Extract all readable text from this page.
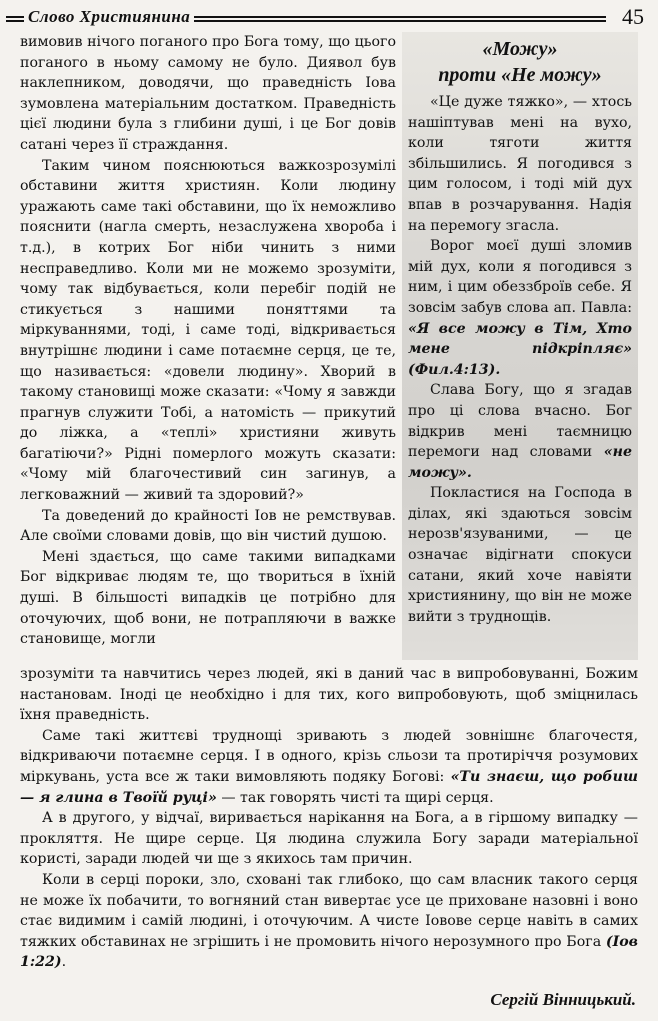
Слово Християнина	45

вимовив нічого поганого про Бога тому, що цього поганого в ньому самому не було. Диявол був наклепником, доводячи, що праведність Іова зумовлена матеріальним достатком. Праведність цієї людини була з глибини душі, і це Бог довів сатані через її страждання.

Таким чином пояснюються важкозрозумілі обставини життя християн. Коли людину уражають саме такі обставини, що їх неможливо пояснити (нагла смерть, незаслужена хвороба і т.д.), в котрих Бог ніби чинить з ними несправедливо. Коли ми не можемо зрозуміти, чому так відбувається, коли перебіг подій не стикується з нашими поняттями та міркуваннями, тоді, і саме тоді, відкривається внутрішнє людини і саме потаємне серця, це те, що називається: «довели людину». Хворий в такому становищі може сказати: «Чому я завжди прагнув служити Тобі, а натомість — прикутий до ліжка, а «теплі» християни живуть багатіючи?» Рідні померлого можуть сказати: «Чому мій благочестивий син загинув, а легковажний — живий та здоровий?»

Та доведений до крайності Іов не ремствував. Але своїми словами довів, що він чистий душою.

Мені здається, що саме такими випадками Бог відкриває людям те, що твориться в їхній душі. В більшості випадків це потрібно для оточуючих, щоб вони, не потрапляючи в важке становище, могли

«Можу»
проти «Не можу»

«Це дуже тяжко», — хтось нашіптував мені на вухо, коли тяготи життя збільшились. Я погодився з цим голосом, і тоді мій дух впав в розчарування. Надія на перемогу згасла.

Ворог моєї душі зломив мій дух, коли я погодився з ним, і цим обеззброїв себе. Я зовсім забув слова ап. Павла: «Я все можу в Тім, Хто мене підкріпляє» (Фил.4:13).

Слава Богу, що я згадав про ці слова вчасно. Бог відкрив мені таємницю перемоги над словами «не можу».

Покластися на Господа в ділах, які здаються зовсім нерозв'язуваними, — це означає відігнати спокуси сатани, який хоче навіяти християнину, що він не може вийти з труднощів.

зрозуміти та навчитись через людей, які в даний час в випробовуванні, Божим настановам. Іноді це необхідно і для тих, кого випробовують, щоб зміцнилась їхня праведність.

Саме такі життєві труднощі зривають з людей зовнішнє благочестя, відкриваючи потаємне серця. І в одного, крізь сльози та протиріччя розумових міркувань, уста все ж таки вимовляють подяку Богові: «Ти знаєш, що робиш — я глина в Твоїй руці» — так говорять чисті та щирі серця.

А в другого, у відчаї, виривається нарікання на Бога, а в гіршому випадку — прокляття. Не щире серце. Ця людина служила Богу заради матеріальної користі, заради людей чи ще з якихось там причин.

Коли в серці пороки, зло, сховані так глибоко, що сам власник такого серця не може їх побачити, то вогняний стан вивертає усе це приховане назовні і воно стає видимим і самій людині, і оточуючим. А чисте Іовове серце навіть в самих тяжких обставинах не згрішить і не промовить нічого нерозумного про Бога (Іов 1:22).

Сергій Вінницький.
